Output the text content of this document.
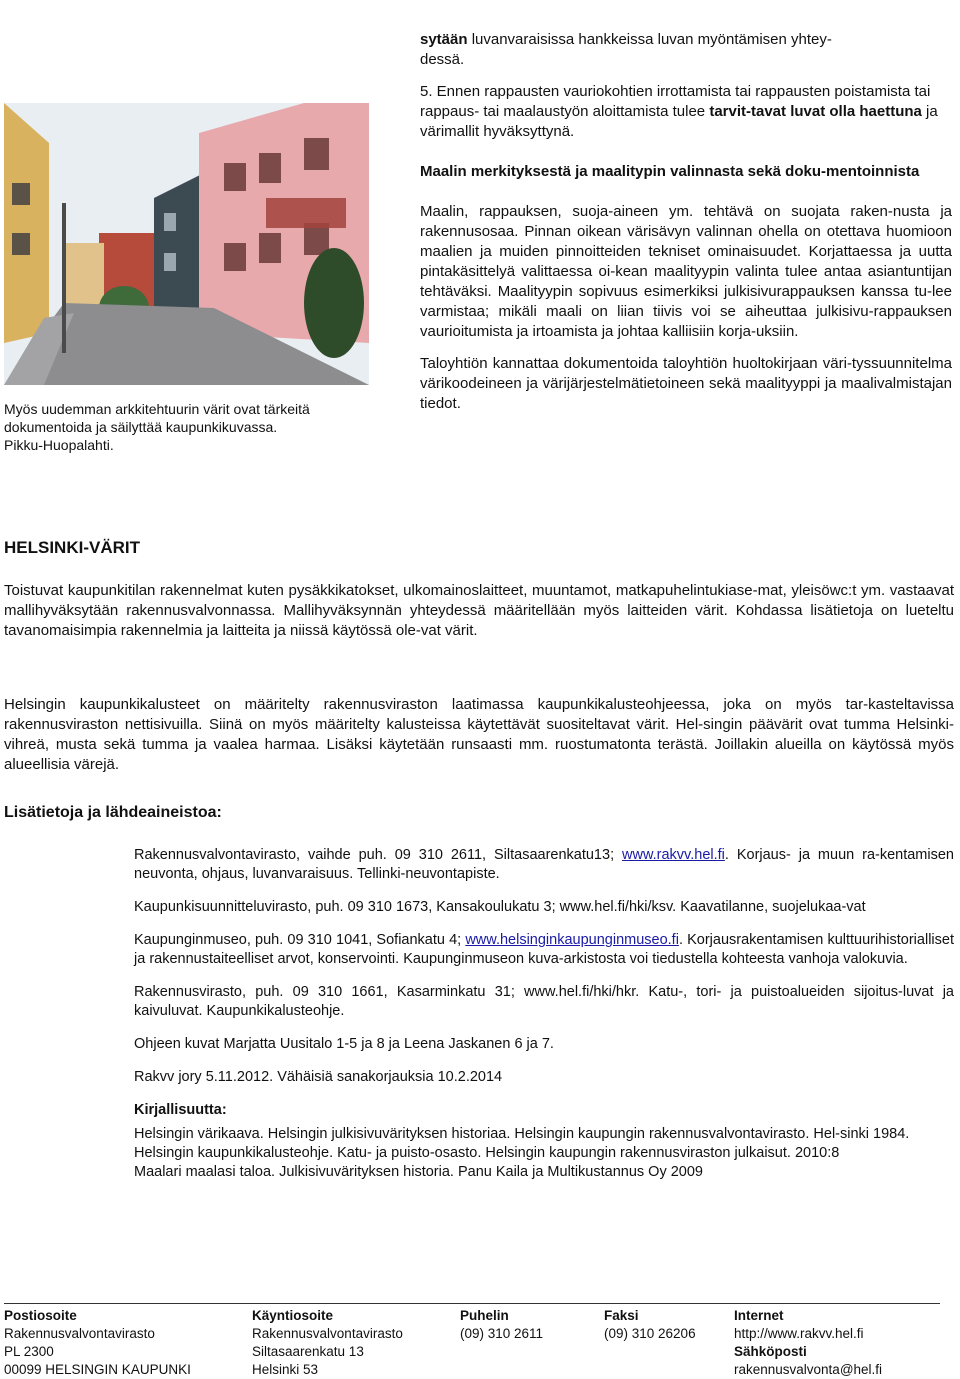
sytään luvanvaraisissa hankkeissa luvan myöntämisen yhtey-
dessä.

5. Ennen rappausten vauriokohtien irrottamista tai rappausten poistamista tai rappaus- tai maalaustyön aloittamista tulee tarvit-tavat luvat olla haettuna ja värimallit hyväksyttynä.

Maalin merkityksestä ja maalitypin valinnasta sekä doku-mentoinnista

Maalin, rappauksen, suoja-aineen ym. tehtävä on suojata raken-nusta ja rakennusosaa. Pinnan oikean värisävyn valinnan ohella on otettava huomioon maalien ja muiden pinnoitteiden tekniset ominaisuudet. Korjattaessa ja uutta pintakäsittelyä valittaessa oi-kean maalityypin valinta tulee antaa asiantuntijan tehtäväksi. Maalityypin sopivuus esimerkiksi julkisivurappauksen kanssa tu-lee varmistaa; mikäli maali on liian tiivis voi se aiheuttaa julkisivu-rappauksen vaurioitumista ja irtoamista ja johtaa kalliisiin korja-uksiin.

Taloyhtiön kannattaa dokumentoida taloyhtiön huoltokirjaan väri-tyssuunnitelma värikoodeineen ja värijärjestelmätietoineen sekä maalityyppi ja maalivalmistajan tiedot.

Myös uudemman arkkitehtuurin värit ovat tärkeitä
dokumentoida ja säilyttää kaupunkikuvassa.
Pikku-Huopalahti.
HELSINKI-VÄRIT

Toistuvat kaupunkitilan rakennelmat kuten pysäkkikatokset, ulkomainoslaitteet, muuntamot, matkapuhelintukiase-mat, yleisöwc:t ym. vastaavat mallihyväksytään rakennusvalvonnassa. Mallihyväksynnän yhteydessä määritellään myös laitteiden värit. Kohdassa lisätietoja on lueteltu tavanomaisimpia rakennelmia ja laitteita ja niissä käytössä ole-vat värit.

Helsingin kaupunkikalusteet on määritelty rakennusviraston laatimassa kaupunkikalusteohjeessa, joka on myös tar-kasteltavissa rakennusviraston nettisivuilla. Siinä on myös määritelty kalusteissa käytettävät suositeltavat värit. Hel-singin päävärit ovat tumma Helsinki-vihreä, musta sekä tumma ja vaalea harmaa. Lisäksi käytetään runsaasti mm. ruostumatonta terästä. Joillakin alueilla on käytössä myös alueellisia värejä.

Lisätietoja ja lähdeaineistoa:

Rakennusvalvontavirasto, vaihde puh. 09 310 2611, Siltasaarenkatu13; www.rakvv.hel.fi. Korjaus- ja muun ra-kentamisen neuvonta, ohjaus, luvanvaraisuus. Tellinki-neuvontapiste.

Kaupunkisuunnitteluvirasto, puh. 09 310 1673, Kansakoulukatu 3; www.hel.fi/hki/ksv. Kaavatilanne, suojelukaa-vat

Kaupunginmuseo, puh. 09 310 1041, Sofiankatu 4; www.helsinginkaupunginmuseo.fi. Korjausrakentamisen kulttuurihistorialliset ja rakennustaiteelliset arvot, konservointi. Kaupunginmuseon kuva-arkistosta voi tiedustella kohteesta vanhoja valokuvia.

Rakennusvirasto, puh. 09 310 1661, Kasarminkatu 31; www.hel.fi/hki/hkr. Katu-, tori- ja puistoalueiden sijoitus-luvat ja kaivuluvat. Kaupunkikalusteohje.

Ohjeen kuvat Marjatta Uusitalo 1-5 ja 8 ja Leena Jaskanen 6 ja 7.

Rakvv jory 5.11.2012. Vähäisiä sanakorjauksia 10.2.2014

Kirjallisuutta:

Helsingin värikaava. Helsingin julkisivuvärityksen historiaa. Helsingin kaupungin rakennusvalvontavirasto. Hel-sinki 1984.

Helsingin kaupunkikalusteohje. Katu- ja puisto-osasto. Helsingin kaupungin rakennusviraston julkaisut. 2010:8

Maalari maalasi taloa. Julkisivuvärityksen historia. Panu Kaila ja Multikustannus Oy 2009

Postiosoite
Rakennusvalvontavirasto
PL 2300
00099 HELSINGIN KAUPUNKI
Käyntiosoite
Rakennusvalvontavirasto
Siltasaarenkatu 13
Helsinki 53
Puhelin
(09) 310 2611
Faksi
(09) 310 26206
Internet
http://www.rakvv.hel.fi
Sähköposti
rakennusvalvonta@hel.fi
